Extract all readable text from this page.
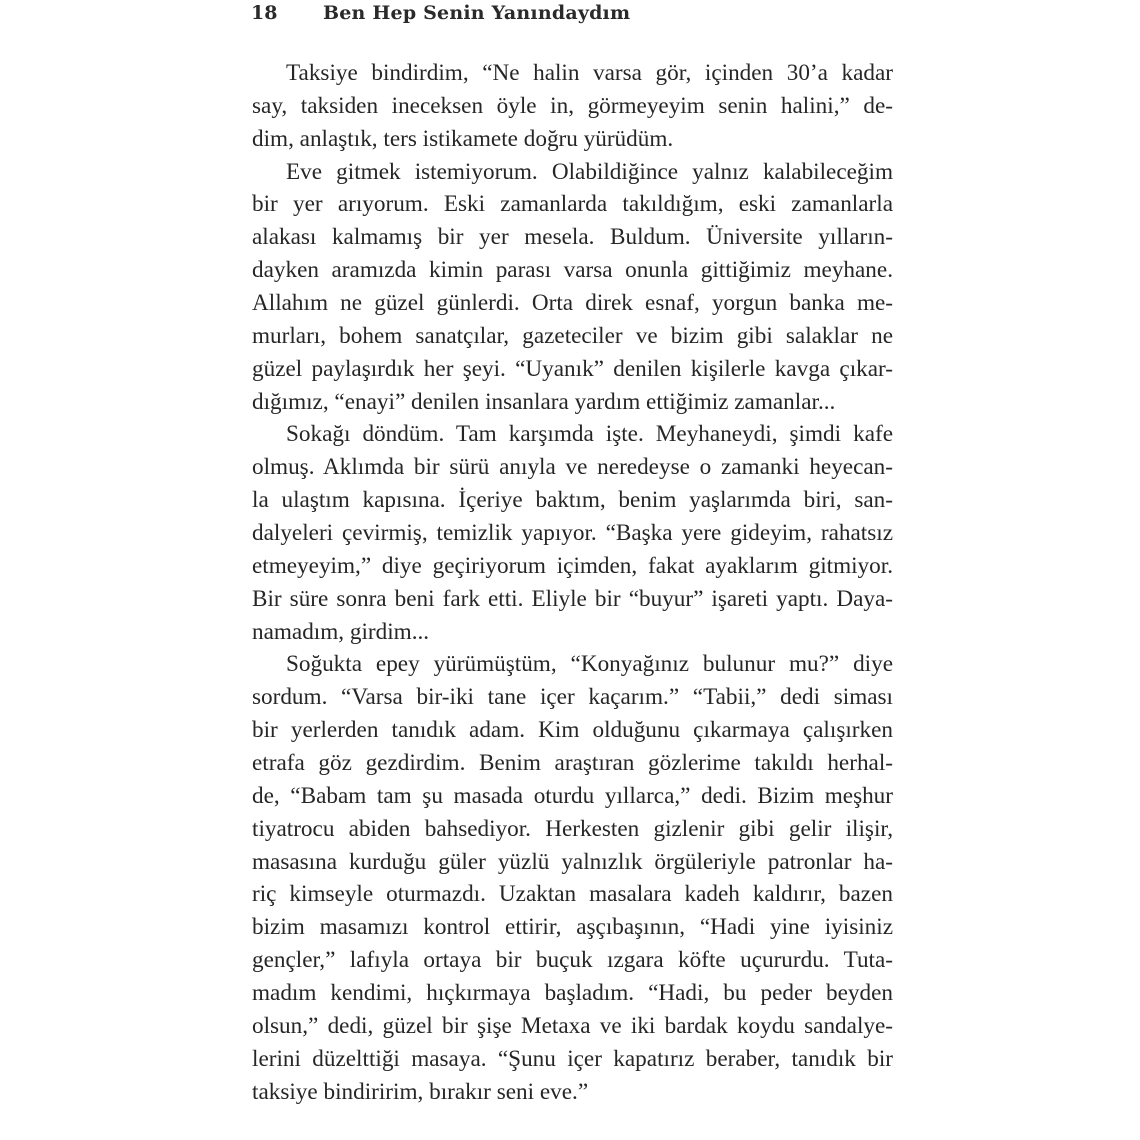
18 Ben Hep Senin Yanındaydım
Taksiye bindirdim, “Ne halin varsa gör, içinden 30’a kadar
say, taksiden ineceksen öyle in, görmeyeyim senin halini,” de-
dim, anlaştık, ters istikamete doğru yürüdüm.
Eve gitmek istemiyorum. Olabildiğince yalnız kalabileceğim
bir yer arıyorum. Eski zamanlarda takıldığım, eski zamanlarla
alakası kalmamış bir yer mesela. Buldum. Üniversite yılların-
dayken aramızda kimin parası varsa onunla gittiğimiz meyhane.
Allahım ne güzel günlerdi. Orta direk esnaf, yorgun banka me-
murları, bohem sanatçılar, gazeteciler ve bizim gibi salaklar ne
güzel paylaşırdık her şeyi. “Uyanık” denilen kişilerle kavga çıkar-
dığımız, “enayi” denilen insanlara yardım ettiğimiz zamanlar...
Sokağı döndüm. Tam karşımda işte. Meyhaneydi, şimdi kafe
olmuş. Aklımda bir sürü anıyla ve neredeyse o zamanki heyecan-
la ulaştım kapısına. İçeriye baktım, benim yaşlarımda biri, san-
dalyeleri çevirmiş, temizlik yapıyor. “Başka yere gideyim, rahatsız
etmeyeyim,” diye geçiriyorum içimden, fakat ayaklarım gitmiyor.
Bir süre sonra beni fark etti. Eliyle bir “buyur” işareti yaptı. Daya-
namadım, girdim...
Soğukta epey yürümüştüm, “Konyağınız bulunur mu?” diye
sordum. “Varsa bir-iki tane içer kaçarım.” “Tabii,” dedi siması
bir yerlerden tanıdık adam. Kim olduğunu çıkarmaya çalışırken
etrafa göz gezdirdim. Benim araştıran gözlerime takıldı herhal-
de, “Babam tam şu masada oturdu yıllarca,” dedi. Bizim meşhur
tiyatrocu abiden bahsediyor. Herkesten gizlenir gibi gelir ilişir,
masasına kurduğu güler yüzlü yalnızlık örgüleriyle patronlar ha-
riç kimseyle oturmazdı. Uzaktan masalara kadeh kaldırır, bazen
bizim masamızı kontrol ettirir, aşçıbaşının, “Hadi yine iyisiniz
gençler,” lafıyla ortaya bir buçuk ızgara köfte uçururdu. Tuta-
madım kendimi, hıçkırmaya başladım. “Hadi, bu peder beyden
olsun,” dedi, güzel bir şişe Metaxa ve iki bardak koydu sandalye-
lerini düzelttiği masaya. “Şunu içer kapatırız beraber, tanıdık bir
taksiye bindiririm, bırakır seni eve.”
